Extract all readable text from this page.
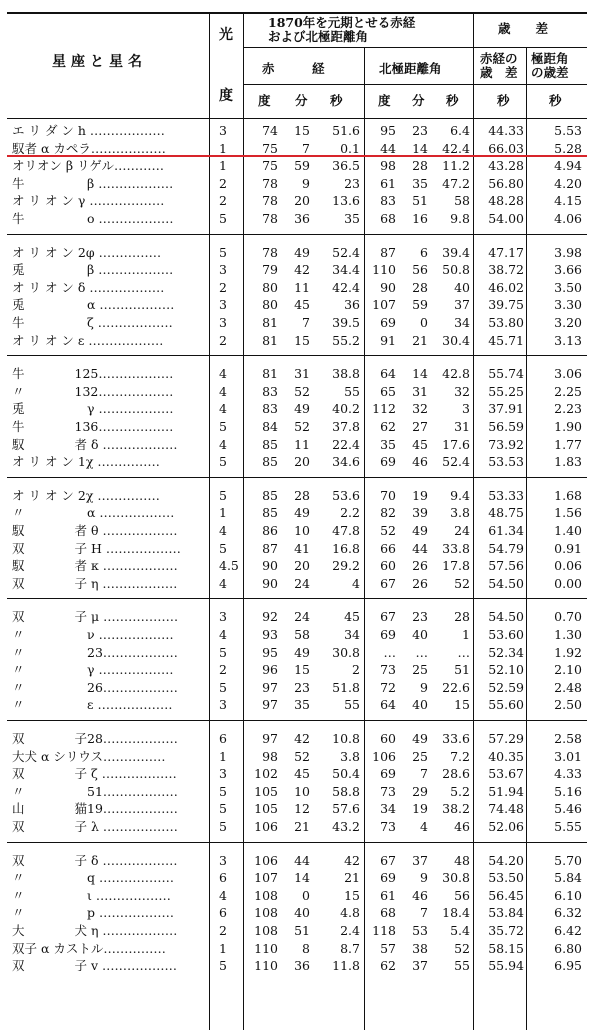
星座と星名
光
度
1870年を元期とせる赤経
および北極距離角
赤　　　経	北極距離角
歳　　差
赤経の
歳　差
極距角
の歳差
度 分 秒	度 分 秒	秒	秒
エ リ ダ ン h ………………	3	74	15	51.6	95	23	6.4	44.33	5.53
馭者 α カペラ………………	1	75	7	0.1	44	14	42.4	66.03	5.28
オリオン β リゲル…………	1	75	59	36.5	98	28	11.2	43.28	4.94
牛　　　　　β ………………	2	78	9	23	61	35	47.2	56.80	4.20
オ リ オ ン γ ………………	2	78	20	13.6	83	51	58	48.28	4.15
牛　　　　　o ………………	5	78	36	35	68	16	9.8	54.00	4.06
オ リ オ ン 2φ ……………	5	78	49	52.4	87	6	39.4	47.17	3.98
兎　　　　　β ………………	3	79	42	34.4 110	56	50.8	38.72	3.66
オ リ オ ン δ ………………	2	80	11	42.4	90	28	40	46.02	3.50
兎　　　　　α ………………	3	80	45	36 107	59	37	39.75	3.30
牛　　　　　ζ ………………	3	81	7	39.5	69	0	34	53.80	3.20
オ リ オ ン ε ………………	2	81	15	55.2	91	21	30.4	45.71	3.13
牛　　　　125………………	4	81	31	38.8	64	14	42.8	55.74	3.06
〃　　　　132………………	4	83	52	55	65	31	32	55.25	2.25
兎　　　　　γ ………………	4	83	49	40.2 112	32	3	37.91	2.23
牛　　　　136………………	5	84	52	37.8	62	27	31	56.59	1.90
馭　　　　者 δ ………………	4	85	11	22.4	35	45	17.6	73.92	1.77
オ リ オ ン 1χ ……………	5	85	20	34.6	69	46	52.4	53.53	1.83
オ リ オ ン 2χ ……………	5	85	28	53.6	70	19	9.4	53.33	1.68
〃　　　　　α ………………	1	85	49	2.2	82	39	3.8	48.75	1.56
馭　　　　者 θ ………………	4	86	10	47.8	52	49	24	61.34	1.40
双　　　　子 H ………………	5	87	41	16.8	66	44	33.8	54.79	0.91
馭　　　　者 κ ………………	4.5	90	20	29.2	60	26	17.8	57.56	0.06
双　　　　子 η ………………	4	90	24	4	67	26	52	54.50	0.00
双　　　　子 μ ………………	3	92	24	45	67	23	28	54.50	0.70
〃　　　　　ν ………………	4	93	58	34	69	40	1	53.60	1.30
〃　　　　　23………………	5	95	49	30.8	…	…	…	52.34	1.92
〃　　　　　γ ………………	2	96	15	2	73	25	51	52.10	2.10
〃　　　　　26………………	5	97	23	51.8	72	9	22.6	52.59	2.48
〃　　　　　ε ………………	3	97	35	55	64	40	15	55.60	2.50
双　　　　子28………………	6	97	42	10.8	60	49	33.6	57.29	2.58
大犬 α シリウス……………	1	98	52	3.8 106	25	7.2	40.35	3.01
双　　　　子 ζ ………………	3	102	45	50.4	69	7	28.6	53.67	4.33
〃　　　　　51………………	5	105	10	58.8	73	29	5.2	51.94	5.16
山　　　　猫19………………	5	105	12	57.6	34	19	38.2	74.48	5.46
双　　　　子 λ ………………	5	106	21	43.2	73	4	46	52.06	5.55
双　　　　子 δ ………………	3	106	44	42	67	37	48	54.20	5.70
〃　　　　　q ………………	6	107	14	21	69	9	30.8	53.50	5.84
〃　　　　　ι ………………	4	108	0	15	61	46	56	56.45	6.10
〃　　　　　p ………………	6	108	40	4.8	68	7	18.4	53.84	6.32
大　　　　犬 η ………………	2	108	51	2.4 118	53	5.4	35.72	6.42
双子 α カストル……………	1	110	8	8.7	57	38	52	58.15	6.80
双　　　　子 v ………………	5	110	36	11.8	62	37	55	55.94	6.95
